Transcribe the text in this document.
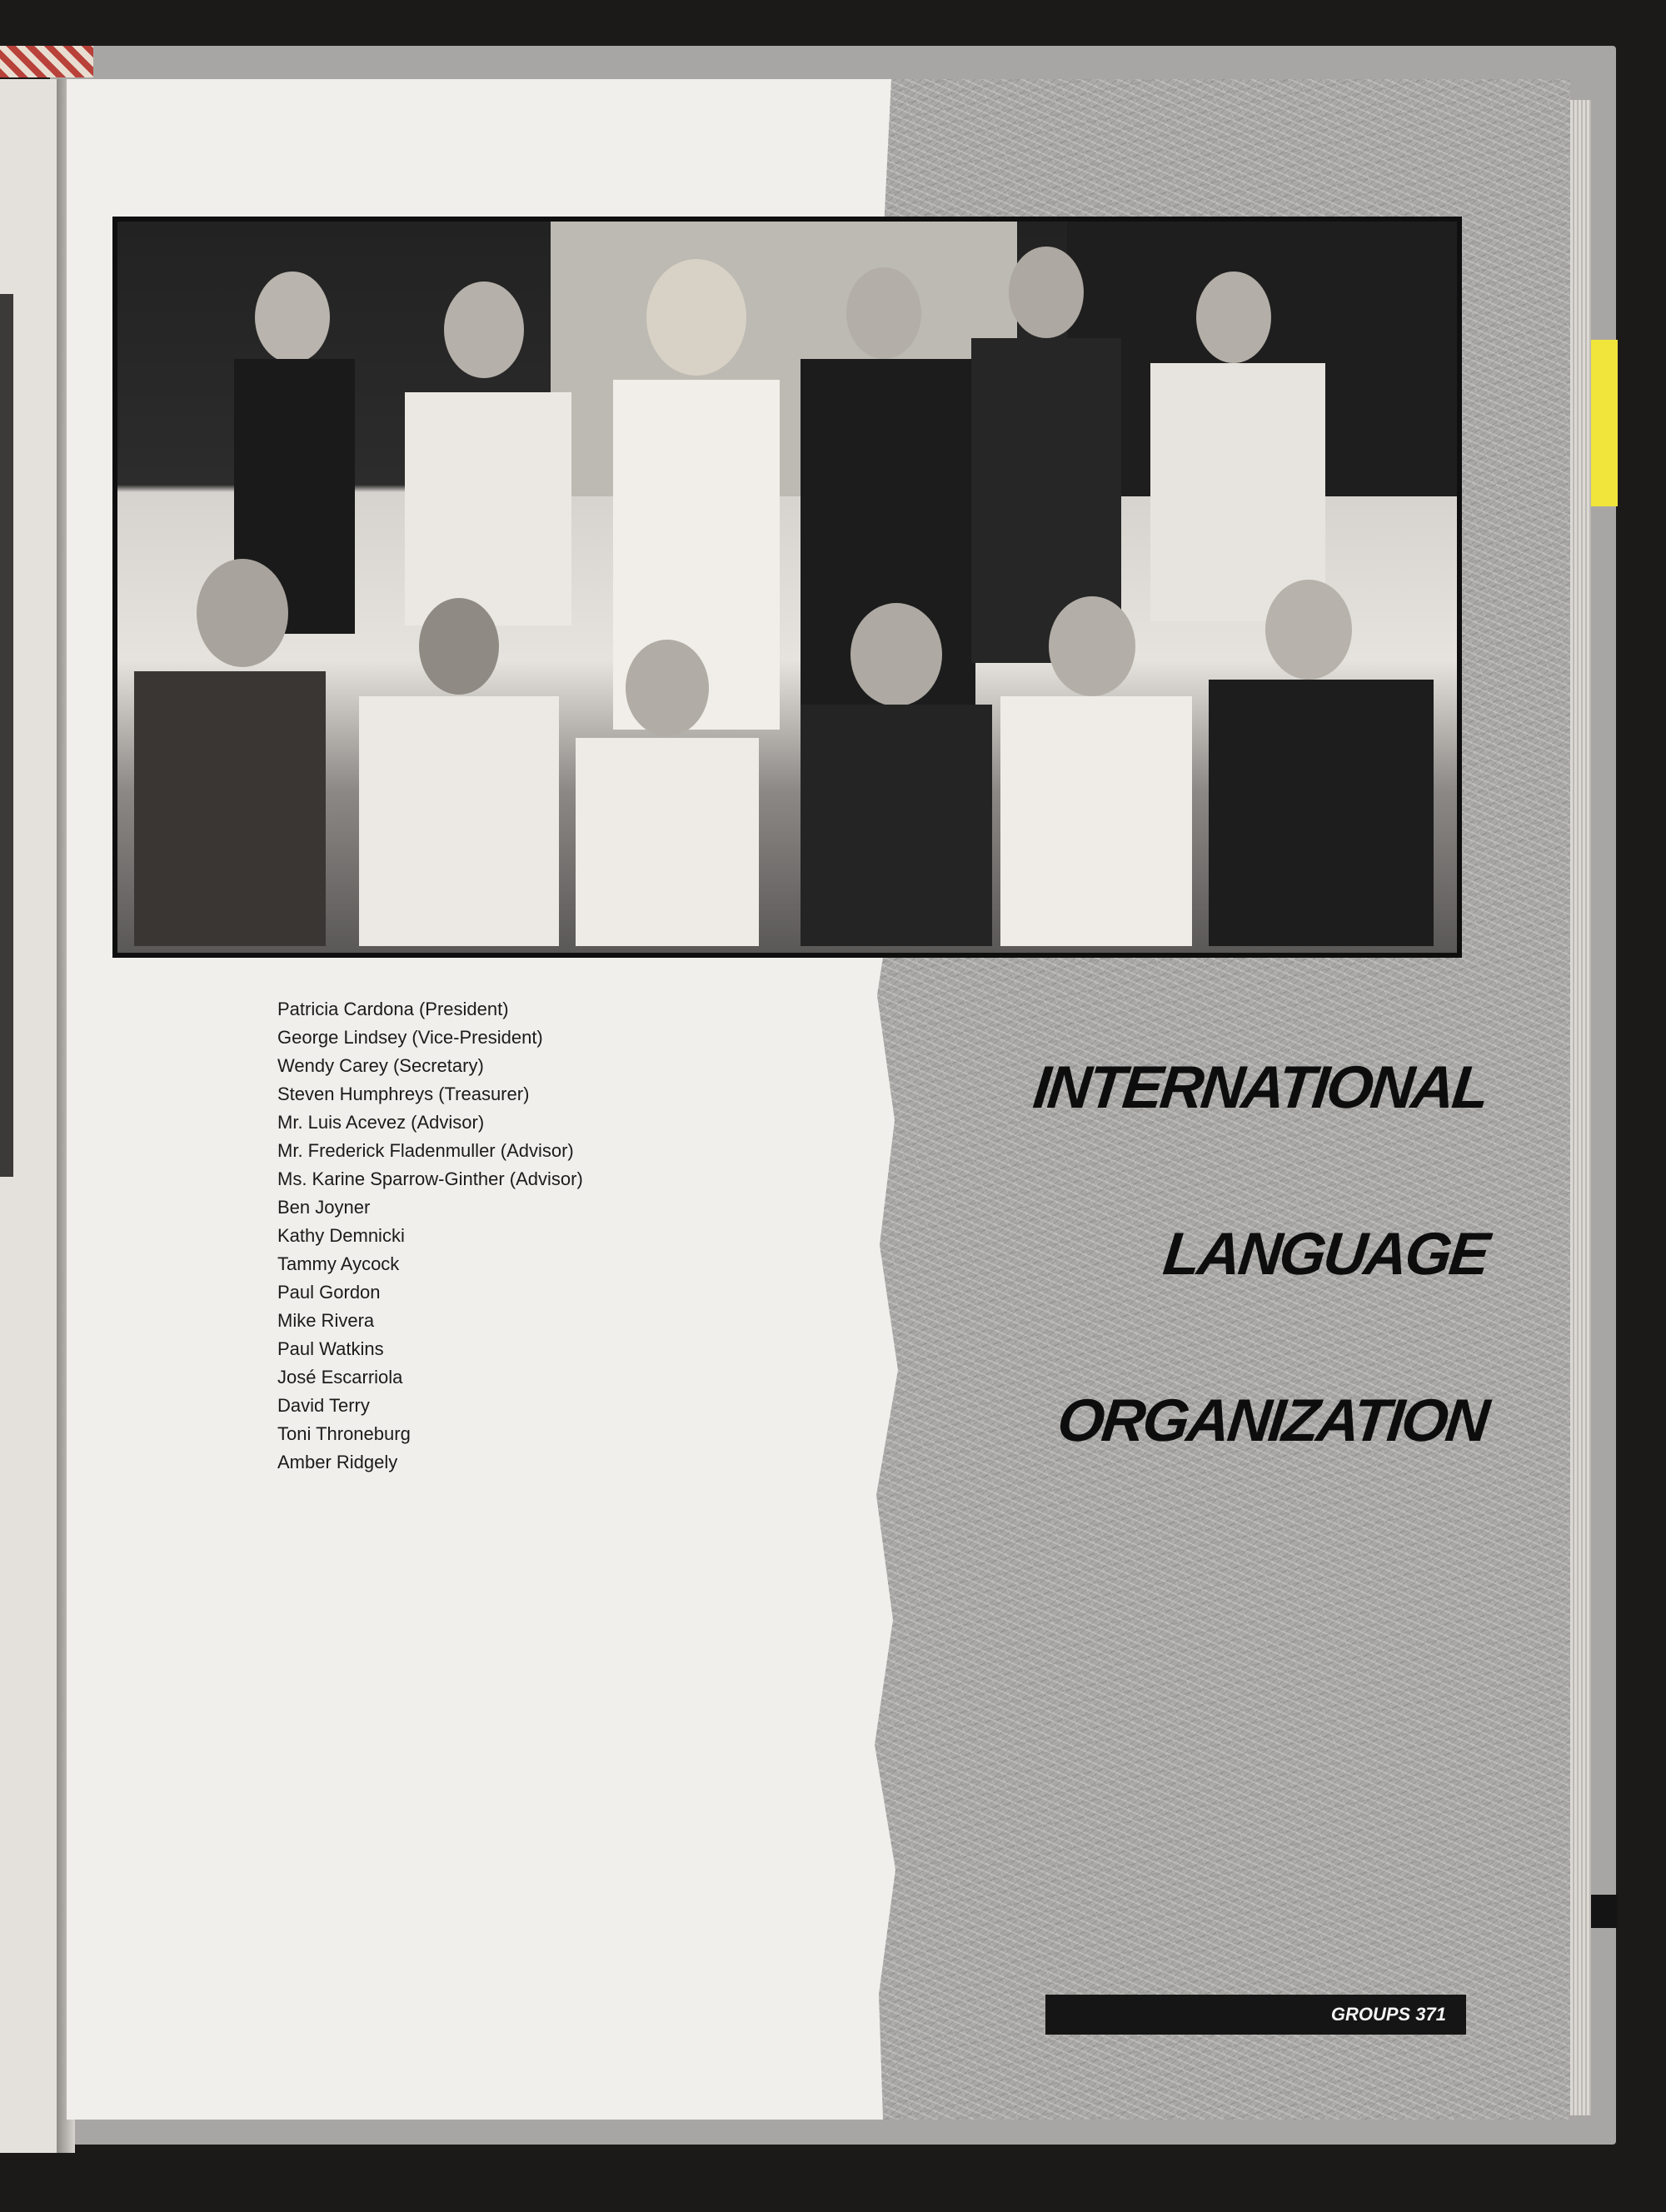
Patricia Cardona (President)
George Lindsey (Vice-President)
Wendy Carey (Secretary)
Steven Humphreys (Treasurer)
Mr. Luis Acevez (Advisor)
Mr. Frederick Fladenmuller (Advisor)
Ms. Karine Sparrow-Ginther (Advisor)
Ben Joyner
Kathy Demnicki
Tammy Aycock
Paul Gordon
Mike Rivera
Paul Watkins
José Escarriola
David Terry
Toni Throneburg
Amber Ridgely
INTERNATIONAL
LANGUAGE
ORGANIZATION
GROUPS 371
